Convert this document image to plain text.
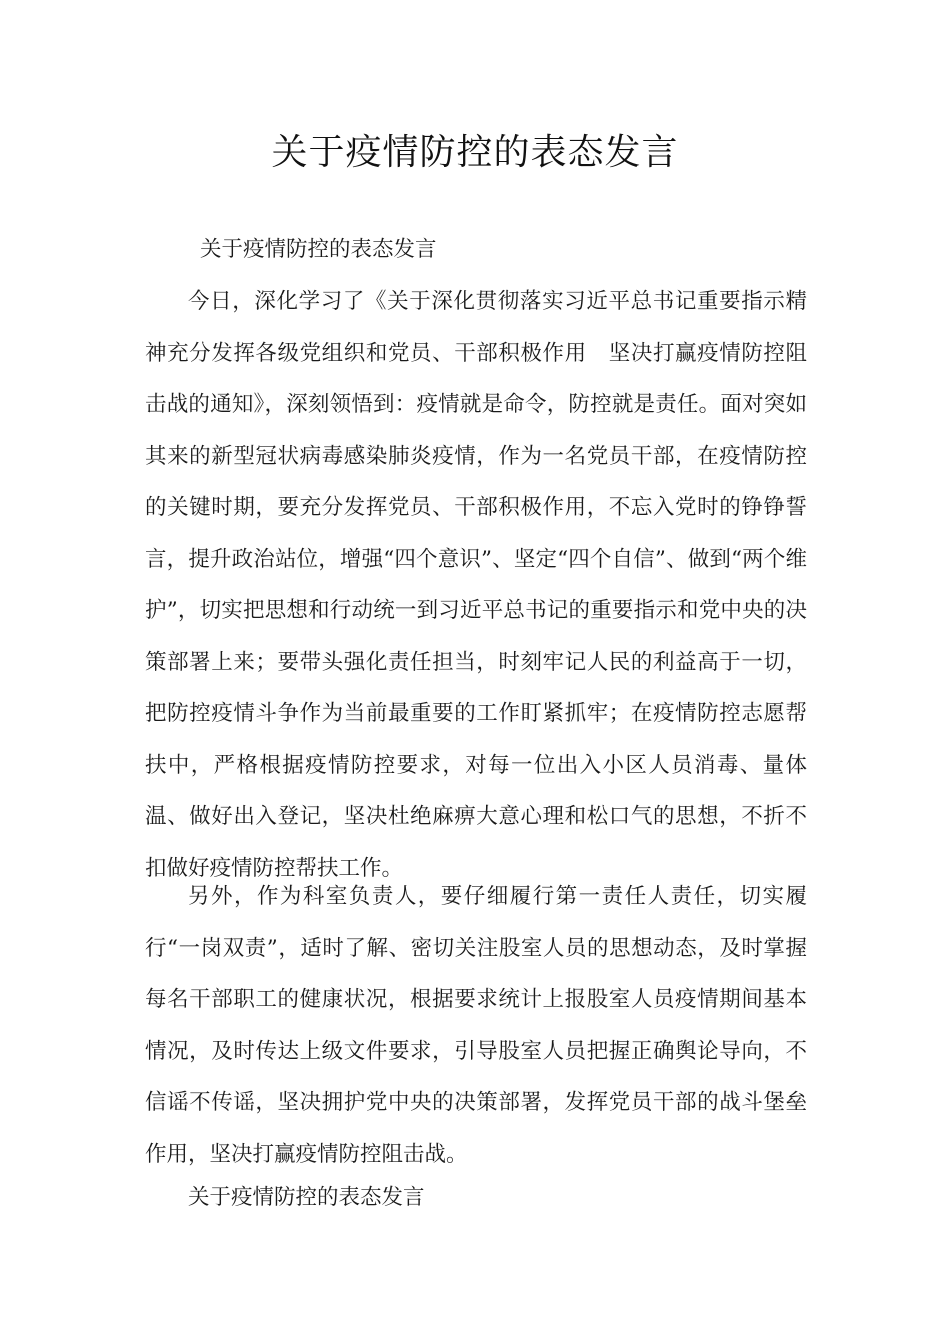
关于疫情防控的表态发言

关于疫情防控的表态发言

今日，深化学习了《关于深化贯彻落实习近平总书记重要指示精神充分发挥各级党组织和党员、干部积极作用　坚决打赢疫情防控阻击战的通知》，深刻领悟到：疫情就是命令，防控就是责任。面对突如其来的新型冠状病毒感染肺炎疫情，作为一名党员干部，在疫情防控的关键时期，要充分发挥党员、干部积极作用，不忘入党时的铮铮誓言，提升政治站位，增强“四个意识”、坚定“四个自信”、做到“两个维护”，切实把思想和行动统一到习近平总书记的重要指示和党中央的决策部署上来；要带头强化责任担当，时刻牢记人民的利益高于一切，把防控疫情斗争作为当前最重要的工作盯紧抓牢；在疫情防控志愿帮扶中，严格根据疫情防控要求，对每一位出入小区人员消毒、量体温、做好出入登记，坚决杜绝麻痹大意心理和松口气的思想，不折不扣做好疫情防控帮扶工作。

另外，作为科室负责人，要仔细履行第一责任人责任，切实履行“一岗双责”，适时了解、密切关注股室人员的思想动态，及时掌握每名干部职工的健康状况，根据要求统计上报股室人员疫情期间基本情况，及时传达上级文件要求，引导股室人员把握正确舆论导向，不信谣不传谣，坚决拥护党中央的决策部署，发挥党员干部的战斗堡垒作用，坚决打赢疫情防控阻击战。

关于疫情防控的表态发言
